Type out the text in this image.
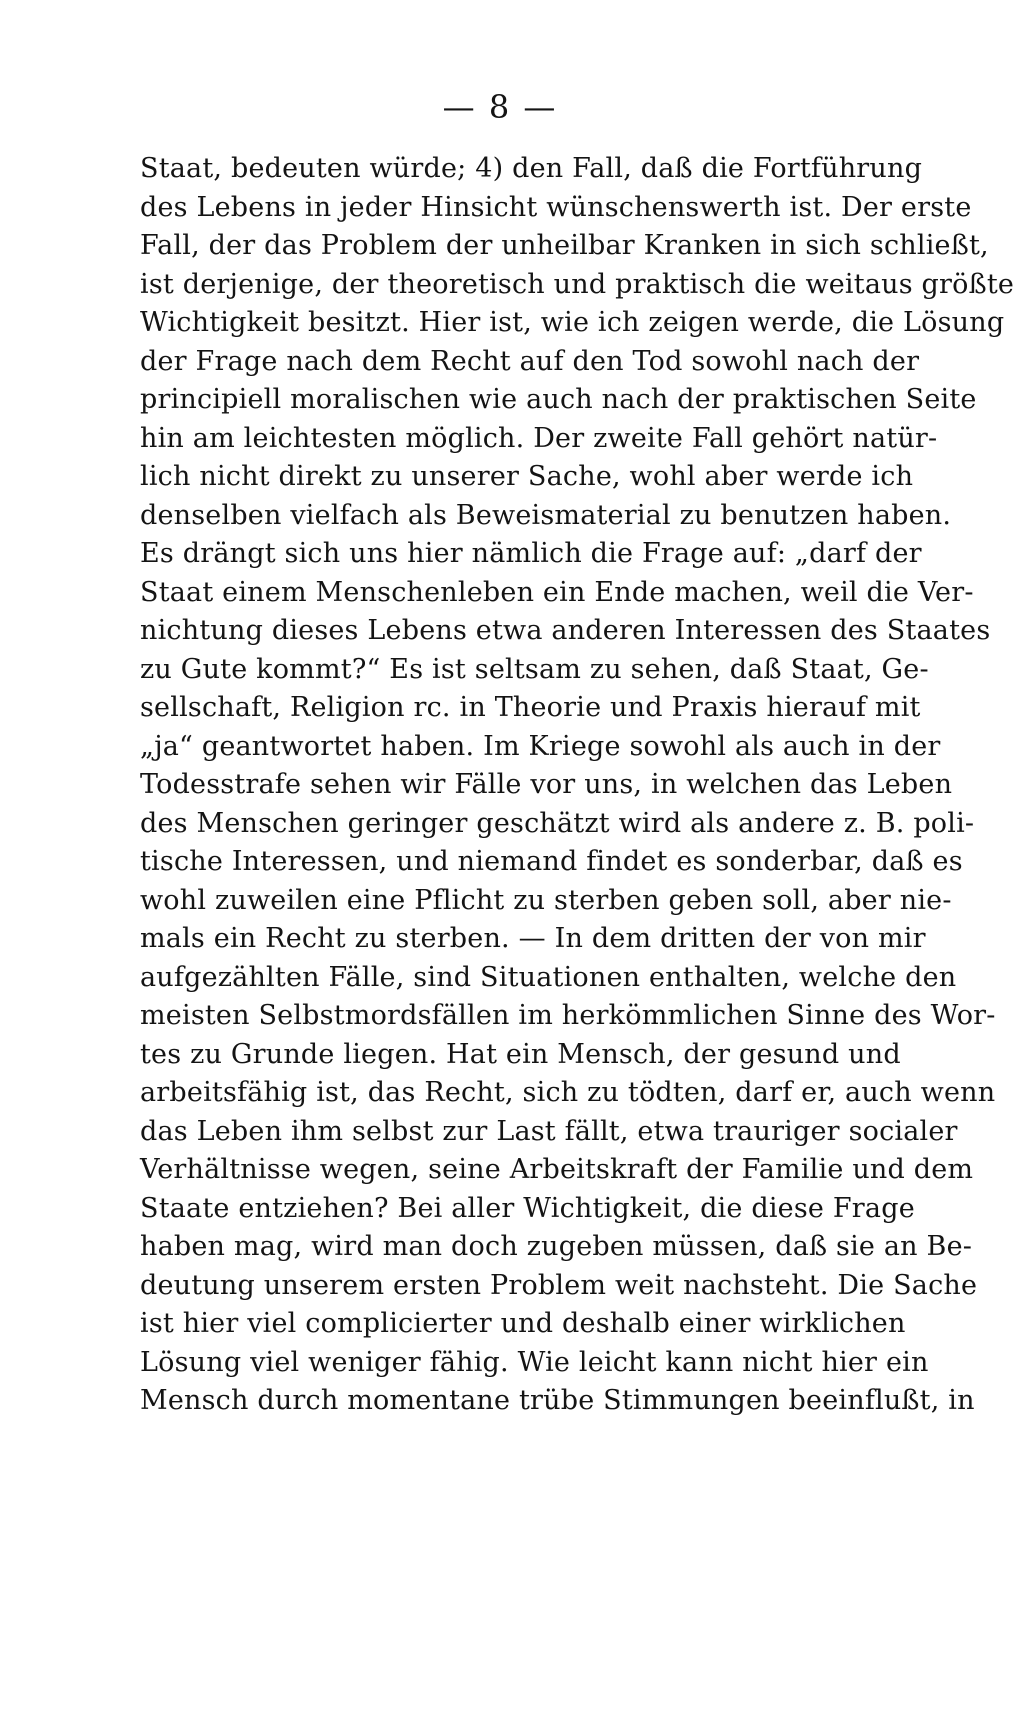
— 8 —
Staat, bedeuten würde; 4) den Fall, daß die Fortführung
des Lebens in jeder Hinsicht wünschenswerth ist. Der erste
Fall, der das Problem der unheilbar Kranken in sich schließt,
ist derjenige, der theoretisch und praktisch die weitaus größte
Wichtigkeit besitzt. Hier ist, wie ich zeigen werde, die Lösung
der Frage nach dem Recht auf den Tod sowohl nach der
principiell moralischen wie auch nach der praktischen Seite
hin am leichtesten möglich. Der zweite Fall gehört natür-
lich nicht direkt zu unserer Sache, wohl aber werde ich
denselben vielfach als Beweismaterial zu benutzen haben.
Es drängt sich uns hier nämlich die Frage auf: „darf der
Staat einem Menschenleben ein Ende machen, weil die Ver-
nichtung dieses Lebens etwa anderen Interessen des Staates
zu Gute kommt?“ Es ist seltsam zu sehen, daß Staat, Ge-
sellschaft, Religion rc. in Theorie und Praxis hierauf mit
„ja“ geantwortet haben. Im Kriege sowohl als auch in der
Todesstrafe sehen wir Fälle vor uns, in welchen das Leben
des Menschen geringer geschätzt wird als andere z. B. poli-
tische Interessen, und niemand findet es sonderbar, daß es
wohl zuweilen eine Pflicht zu sterben geben soll, aber nie-
mals ein Recht zu sterben. — In dem dritten der von mir
aufgezählten Fälle, sind Situationen enthalten, welche den
meisten Selbstmordsfällen im herkömmlichen Sinne des Wor-
tes zu Grunde liegen. Hat ein Mensch, der gesund und
arbeitsfähig ist, das Recht, sich zu tödten, darf er, auch wenn
das Leben ihm selbst zur Last fällt, etwa trauriger socialer
Verhältnisse wegen, seine Arbeitskraft der Familie und dem
Staate entziehen? Bei aller Wichtigkeit, die diese Frage
haben mag, wird man doch zugeben müssen, daß sie an Be-
deutung unserem ersten Problem weit nachsteht. Die Sache
ist hier viel complicierter und deshalb einer wirklichen
Lösung viel weniger fähig. Wie leicht kann nicht hier ein
Mensch durch momentane trübe Stimmungen beeinflußt, in
